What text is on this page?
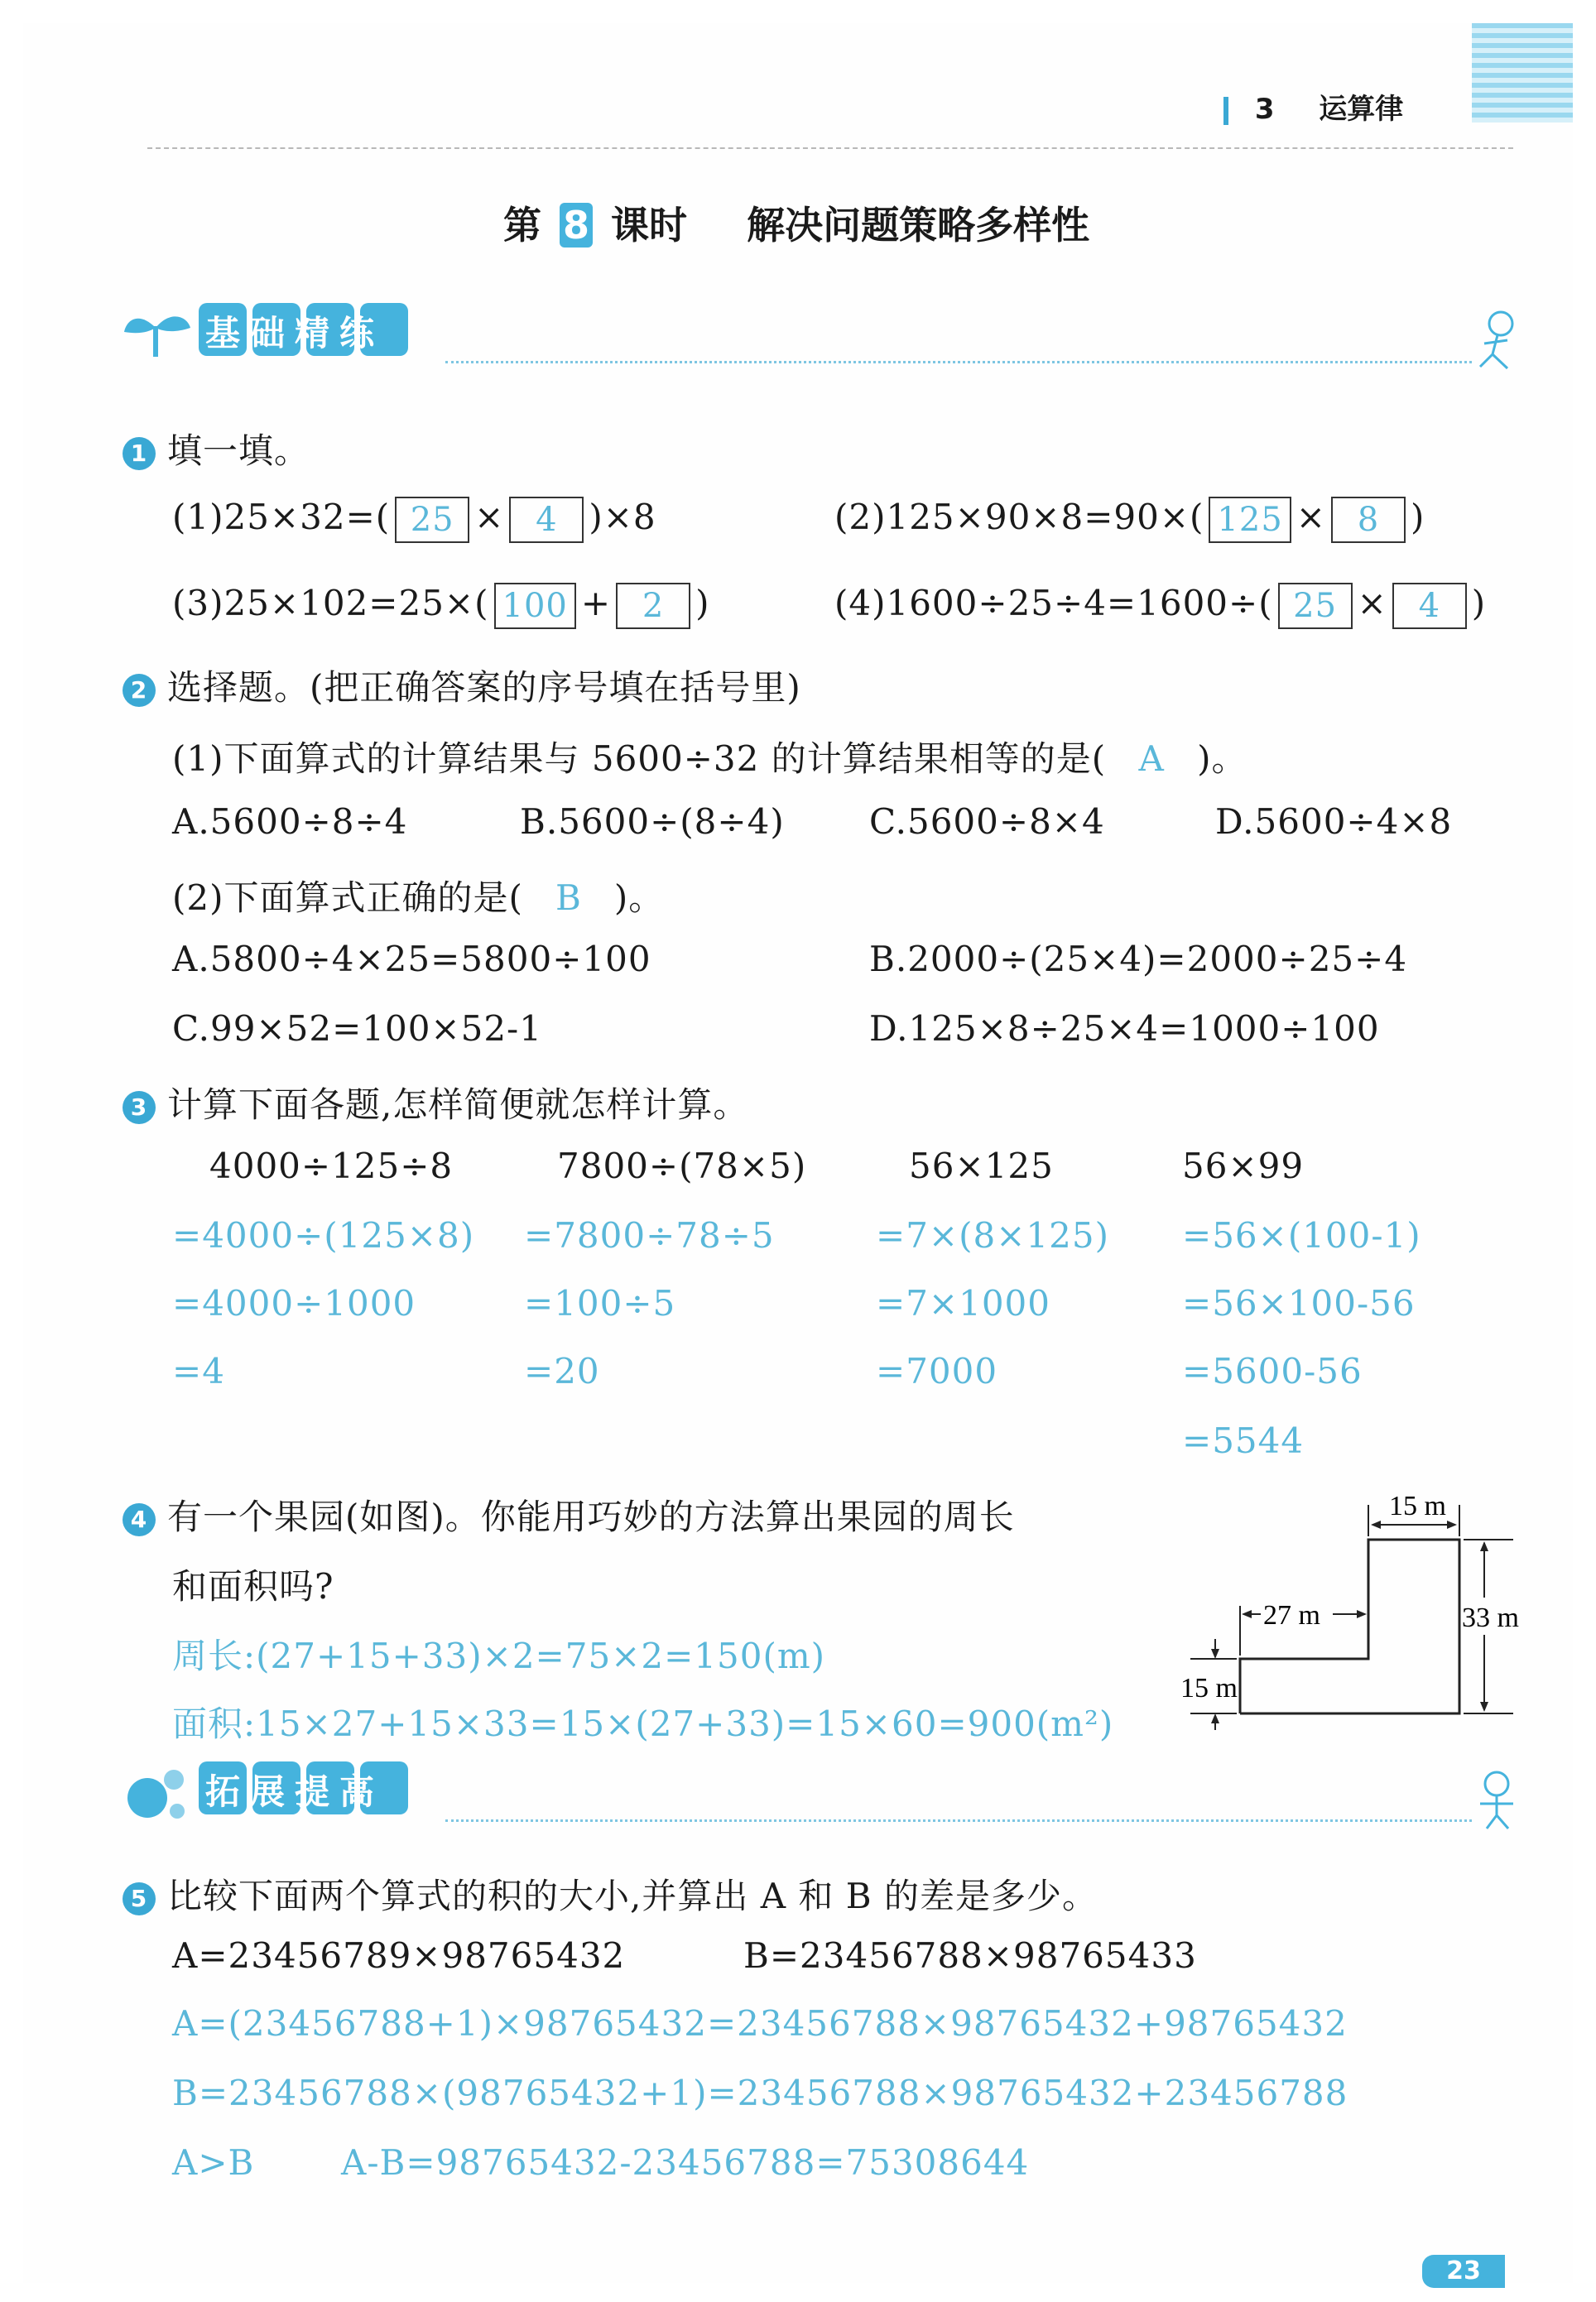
3 运算律
第 8 课时 解决问题策略多样性
基础精练
1 填一填。
(1)25×32=( 25 × 4 )×8	(2)125×90×8=90×( 125 × 8 )
(3)25×102=25×( 100 + 2 )	(4)1600÷25÷4=1600÷( 25 × 4 )
2 选择题。(把正确答案的序号填在括号里)
(1)下面算式的计算结果与 5600÷32 的计算结果相等的是( A )。
A.5600÷8÷4	B.5600÷(8÷4) C.5600÷8×4	D.5600÷4×8
(2)下面算式正确的是( B )。
A.5800÷4×25=5800÷100	B.2000÷(25×4)=2000÷25÷4
C.99×52=100×52-1	D.125×8÷25×4=1000÷100
3 计算下面各题,怎样简便就怎样计算。
4000÷125÷8
=4000÷(125×8)
=4000÷1000
=4
7800÷(78×5)
=7800÷78÷5
=100÷5
=20
56×125
=7×(8×125)
=7×1000
=7000
56×99
=56×(100-1)
=56×100-56
=5600-56
=5544
4 有一个果园(如图)。你能用巧妙的方法算出果园的周长
和面积吗?
周长:(27+15+33)×2=75×2=150(m)
面积:15×27+15×33=15×(27+33)=15×60=900(m²)
15 m
33 m
27 m
15 m
拓展提高
5 比较下面两个算式的积的大小,并算出 A 和 B 的差是多少。
A=23456789×98765432	B=23456788×98765433
A=(23456788+1)×98765432=23456788×98765432+98765432
B=23456788×(98765432+1)=23456788×98765432+23456788
A>B A-B=98765432-23456788=75308644
23
